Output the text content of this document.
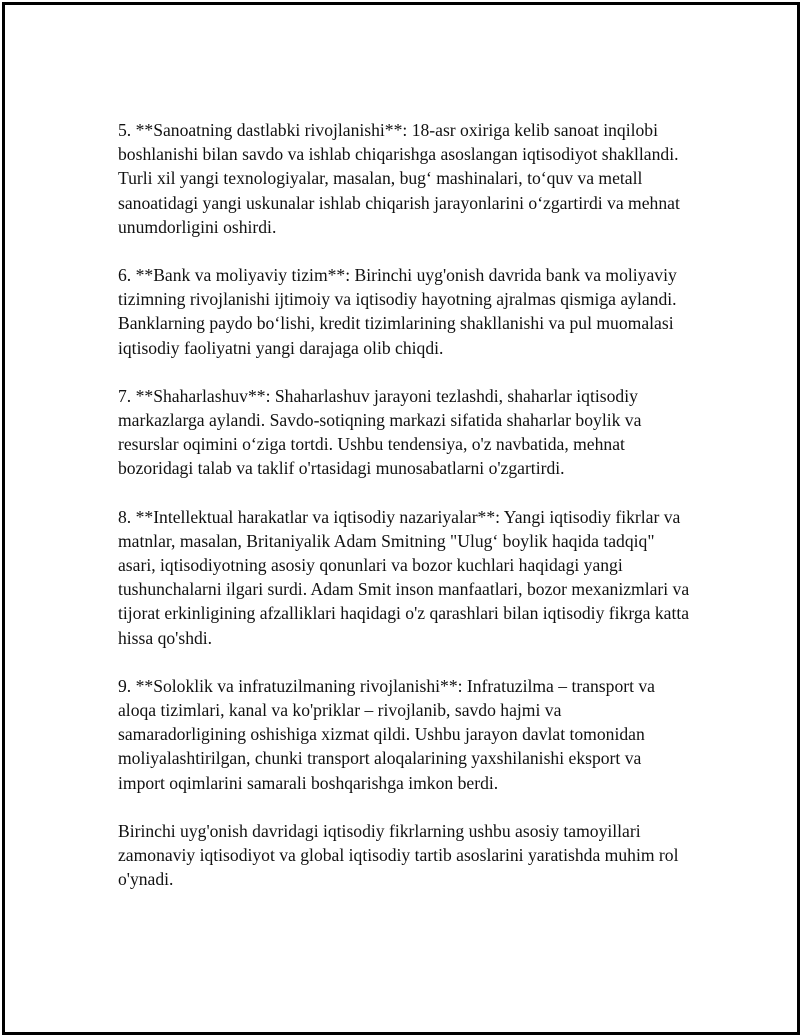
5. **Sanoatning dastlabki rivojlanishi**: 18-asr oxiriga kelib sanoat inqilobi boshlanishi bilan savdo va ishlab chiqarishga asoslangan iqtisodiyot shakllandi. Turli xil yangi texnologiyalar, masalan, bug‘ mashinalari, to‘quv va metall sanoatidagi yangi uskunalar ishlab chiqarish jarayonlarini o‘zgartirdi va mehnat unumdorligini oshirdi.

6. **Bank va moliyaviy tizim**: Birinchi uyg'onish davrida bank va moliyaviy tizimning rivojlanishi ijtimoiy va iqtisodiy hayotning ajralmas qismiga aylandi. Banklarning paydo bo‘lishi, kredit tizimlarining shakllanishi va pul muomalasi iqtisodiy faoliyatni yangi darajaga olib chiqdi.

7. **Shaharlashuv**: Shaharlashuv jarayoni tezlashdi, shaharlar iqtisodiy markazlarga aylandi. Savdo-sotiqning markazi sifatida shaharlar boylik va resurslar oqimini o‘ziga tortdi. Ushbu tendensiya, o'z navbatida, mehnat bozoridagi talab va taklif o'rtasidagi munosabatlarni o'zgartirdi.

8. **Intellektual harakatlar va iqtisodiy nazariyalar**: Yangi iqtisodiy fikrlar va matnlar, masalan, Britaniyalik Adam Smitning "Ulug‘ boylik haqida tadqiq" asari, iqtisodiyotning asosiy qonunlari va bozor kuchlari haqidagi yangi tushunchalarni ilgari surdi. Adam Smit inson manfaatlari, bozor mexanizmlari va tijorat erkinligining afzalliklari haqidagi o'z qarashlari bilan iqtisodiy fikrga katta hissa qo'shdi.

9. **Soloklik va infratuzilmaning rivojlanishi**: Infratuzilma – transport va aloqa tizimlari, kanal va ko'priklar – rivojlanib, savdo hajmi va samaradorligining oshishiga xizmat qildi. Ushbu jarayon davlat tomonidan moliyalashtirilgan, chunki transport aloqalarining yaxshilanishi eksport va import oqimlarini samarali boshqarishga imkon berdi.

Birinchi uyg'onish davridagi iqtisodiy fikrlarning ushbu asosiy tamoyillari zamonaviy iqtisodiyot va global iqtisodiy tartib asoslarini yaratishda muhim rol o'ynadi.
